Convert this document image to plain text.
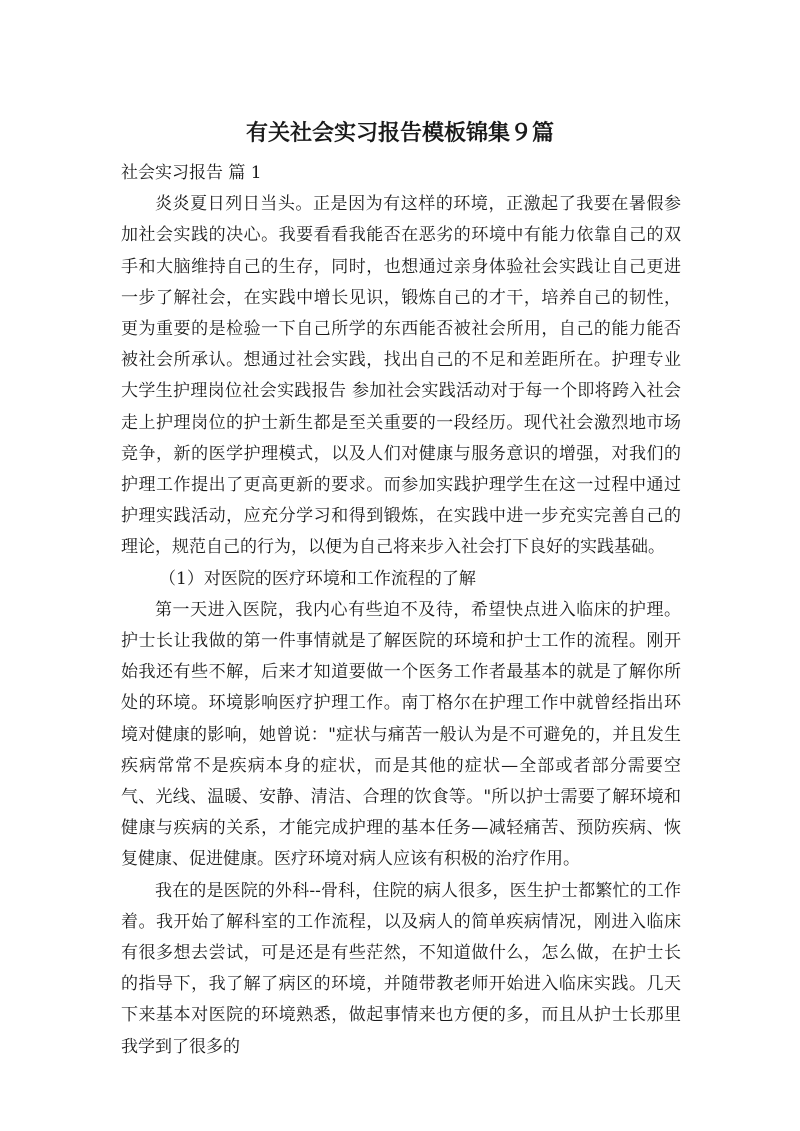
有关社会实习报告模板锦集９篇

社会实习报告 篇 1

炎炎夏日列日当头。正是因为有这样的环境，正激起了我要在暑假参加社会实践的决心。我要看看我能否在恶劣的环境中有能力依靠自己的双手和大脑维持自己的生存，同时，也想通过亲身体验社会实践让自己更进一步了解社会，在实践中增长见识，锻炼自己的才干，培养自己的韧性，更为重要的是检验一下自己所学的东西能否被社会所用，自己的能力能否被社会所承认。想通过社会实践，找出自己的不足和差距所在。护理专业大学生护理岗位社会实践报告 参加社会实践活动对于每一个即将跨入社会走上护理岗位的护士新生都是至关重要的一段经历。现代社会激烈地市场竞争，新的医学护理模式，以及人们对健康与服务意识的增强，对我们的护理工作提出了更高更新的要求。而参加实践护理学生在这一过程中通过护理实践活动，应充分学习和得到锻炼，在实践中进一步充实完善自己的理论，规范自己的行为，以便为自己将来步入社会打下良好的实践基础。

（1）对医院的医疗环境和工作流程的了解

第一天进入医院，我内心有些迫不及待，希望快点进入临床的护理。护士长让我做的第一件事情就是了解医院的环境和护士工作的流程。刚开始我还有些不解，后来才知道要做一个医务工作者最基本的就是了解你所处的环境。环境影响医疗护理工作。南丁格尔在护理工作中就曾经指出环境对健康的影响，她曾说："症状与痛苦一般认为是不可避免的，并且发生疾病常常不是疾病本身的症状，而是其他的症状—全部或者部分需要空气、光线、温暖、安静、清洁、合理的饮食等。"所以护士需要了解环境和健康与疾病的关系，才能完成护理的基本任务—减轻痛苦、预防疾病、恢复健康、促进健康。医疗环境对病人应该有积极的治疗作用。

我在的是医院的外科--骨科，住院的病人很多，医生护士都繁忙的工作着。我开始了解科室的工作流程，以及病人的简单疾病情况，刚进入临床有很多想去尝试，可是还是有些茫然，不知道做什么，怎么做，在护士长的指导下，我了解了病区的环境，并随带教老师开始进入临床实践。几天下来基本对医院的环境熟悉，做起事情来也方便的多，而且从护士长那里我学到了很多的
